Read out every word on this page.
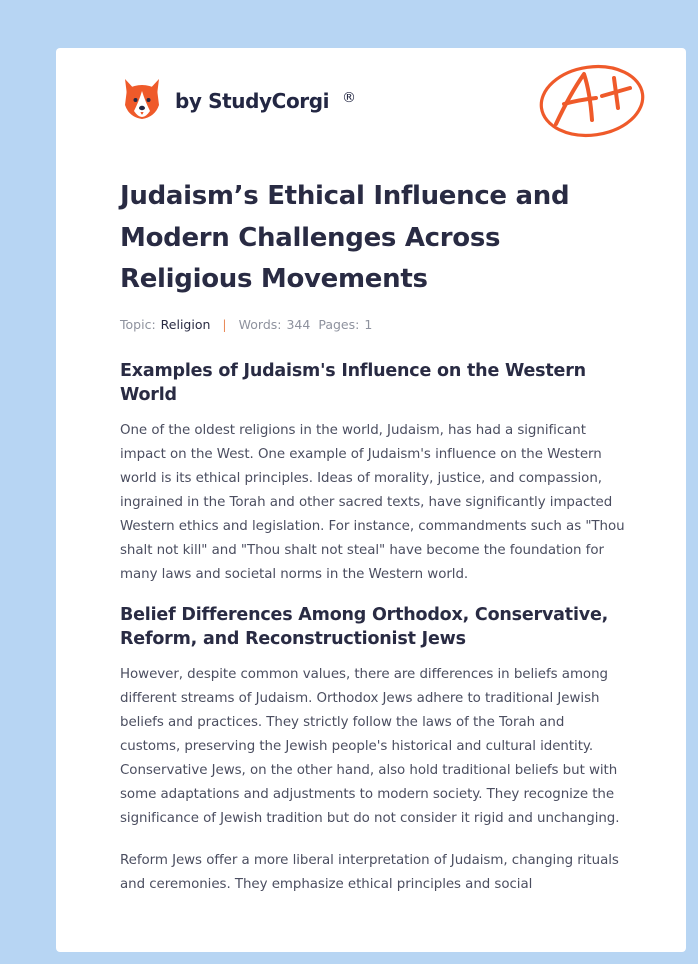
by StudyCorgi ®
Judaism’s Ethical Influence and Modern Challenges Across Religious Movements
Topic: Religion | Words: 344 Pages: 1
Examples of Judaism's Influence on the Western World

One of the oldest religions in the world, Judaism, has had a significant impact on the West. One example of Judaism's influence on the Western world is its ethical principles. Ideas of morality, justice, and compassion, ingrained in the Torah and other sacred texts, have significantly impacted Western ethics and legislation. For instance, commandments such as "Thou shalt not kill" and "Thou shalt not steal" have become the foundation for many laws and societal norms in the Western world.

Belief Differences Among Orthodox, Conservative, Reform, and Reconstructionist Jews

However, despite common values, there are differences in beliefs among different streams of Judaism. Orthodox Jews adhere to traditional Jewish beliefs and practices. They strictly follow the laws of the Torah and customs, preserving the Jewish people's historical and cultural identity. Conservative Jews, on the other hand, also hold traditional beliefs but with some adaptations and adjustments to modern society. They recognize the significance of Jewish tradition but do not consider it rigid and unchanging.

Reform Jews offer a more liberal interpretation of Judaism, changing rituals and ceremonies. They emphasize ethical principles and social
